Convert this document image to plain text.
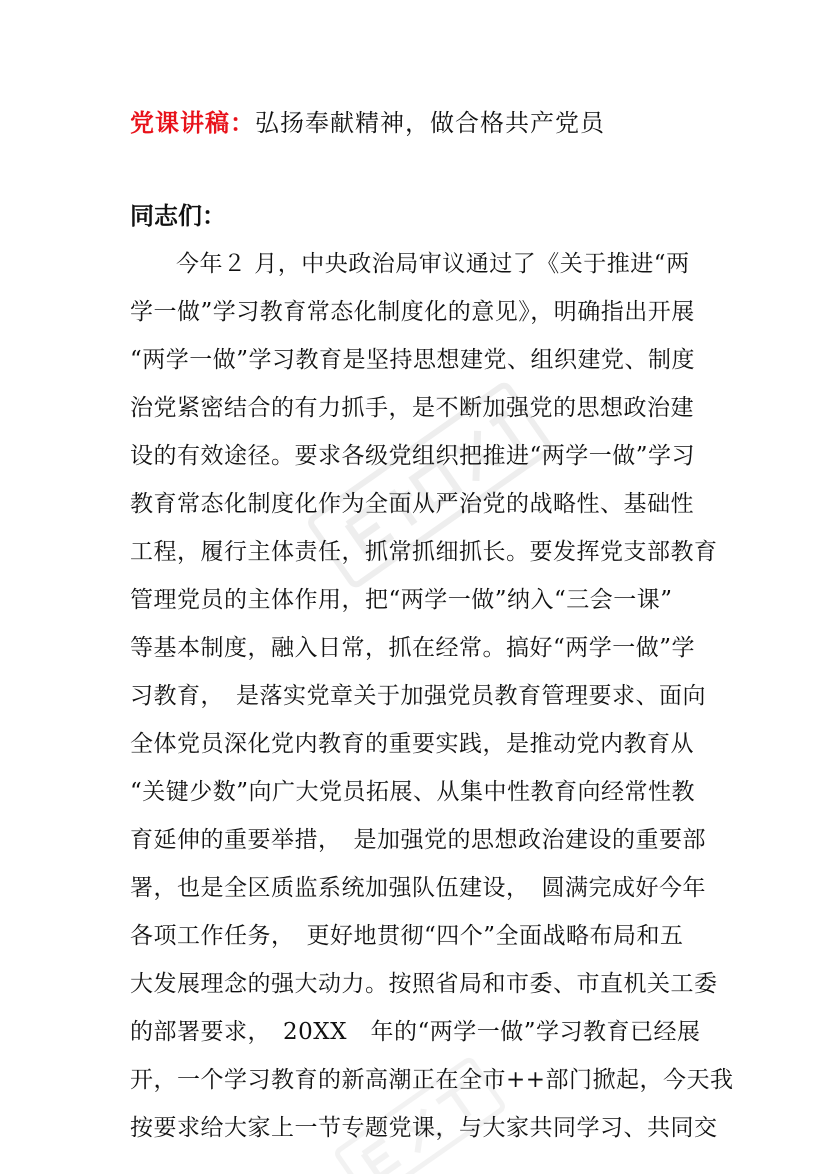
党课讲稿：弘扬奉献精神，做合格共产党员
同志们：
今年２ 月，中央政治局审议通过了《关于推进“两
学一做”学习教育常态化制度化的意见》，明确指出开展
“两学一做”学习教育是坚持思想建党、组织建党、制度
治党紧密结合的有力抓手，是不断加强党的思想政治建
设的有效途径。要求各级党组织把推进“两学一做”学习
教育常态化制度化作为全面从严治党的战略性、基础性
工程，履行主体责任，抓常抓细抓长。要发挥党支部教育
管理党员的主体作用，把“两学一做”纳入“三会一课”
等基本制度，融入日常，抓在经常。搞好“两学一做”学
习教育，　是落实党章关于加强党员教育管理要求、面向
全体党员深化党内教育的重要实践，是推动党内教育从
“关键少数”向广大党员拓展、从集中性教育向经常性教
育延伸的重要举措，　是加强党的思想政治建设的重要部
署，也是全区质监系统加强队伍建设，　圆满完成好今年
各项工作任务，　更好地贯彻“四个”全面战略布局和五
大发展理念的强大动力。按照省局和市委、市直机关工委
的部署要求，　20XX　年的“两学一做”学习教育已经展
开，一个学习教育的新高潮正在全市++部门掀起，今天我
按要求给大家上一节专题党课，与大家共同学习、共同交
